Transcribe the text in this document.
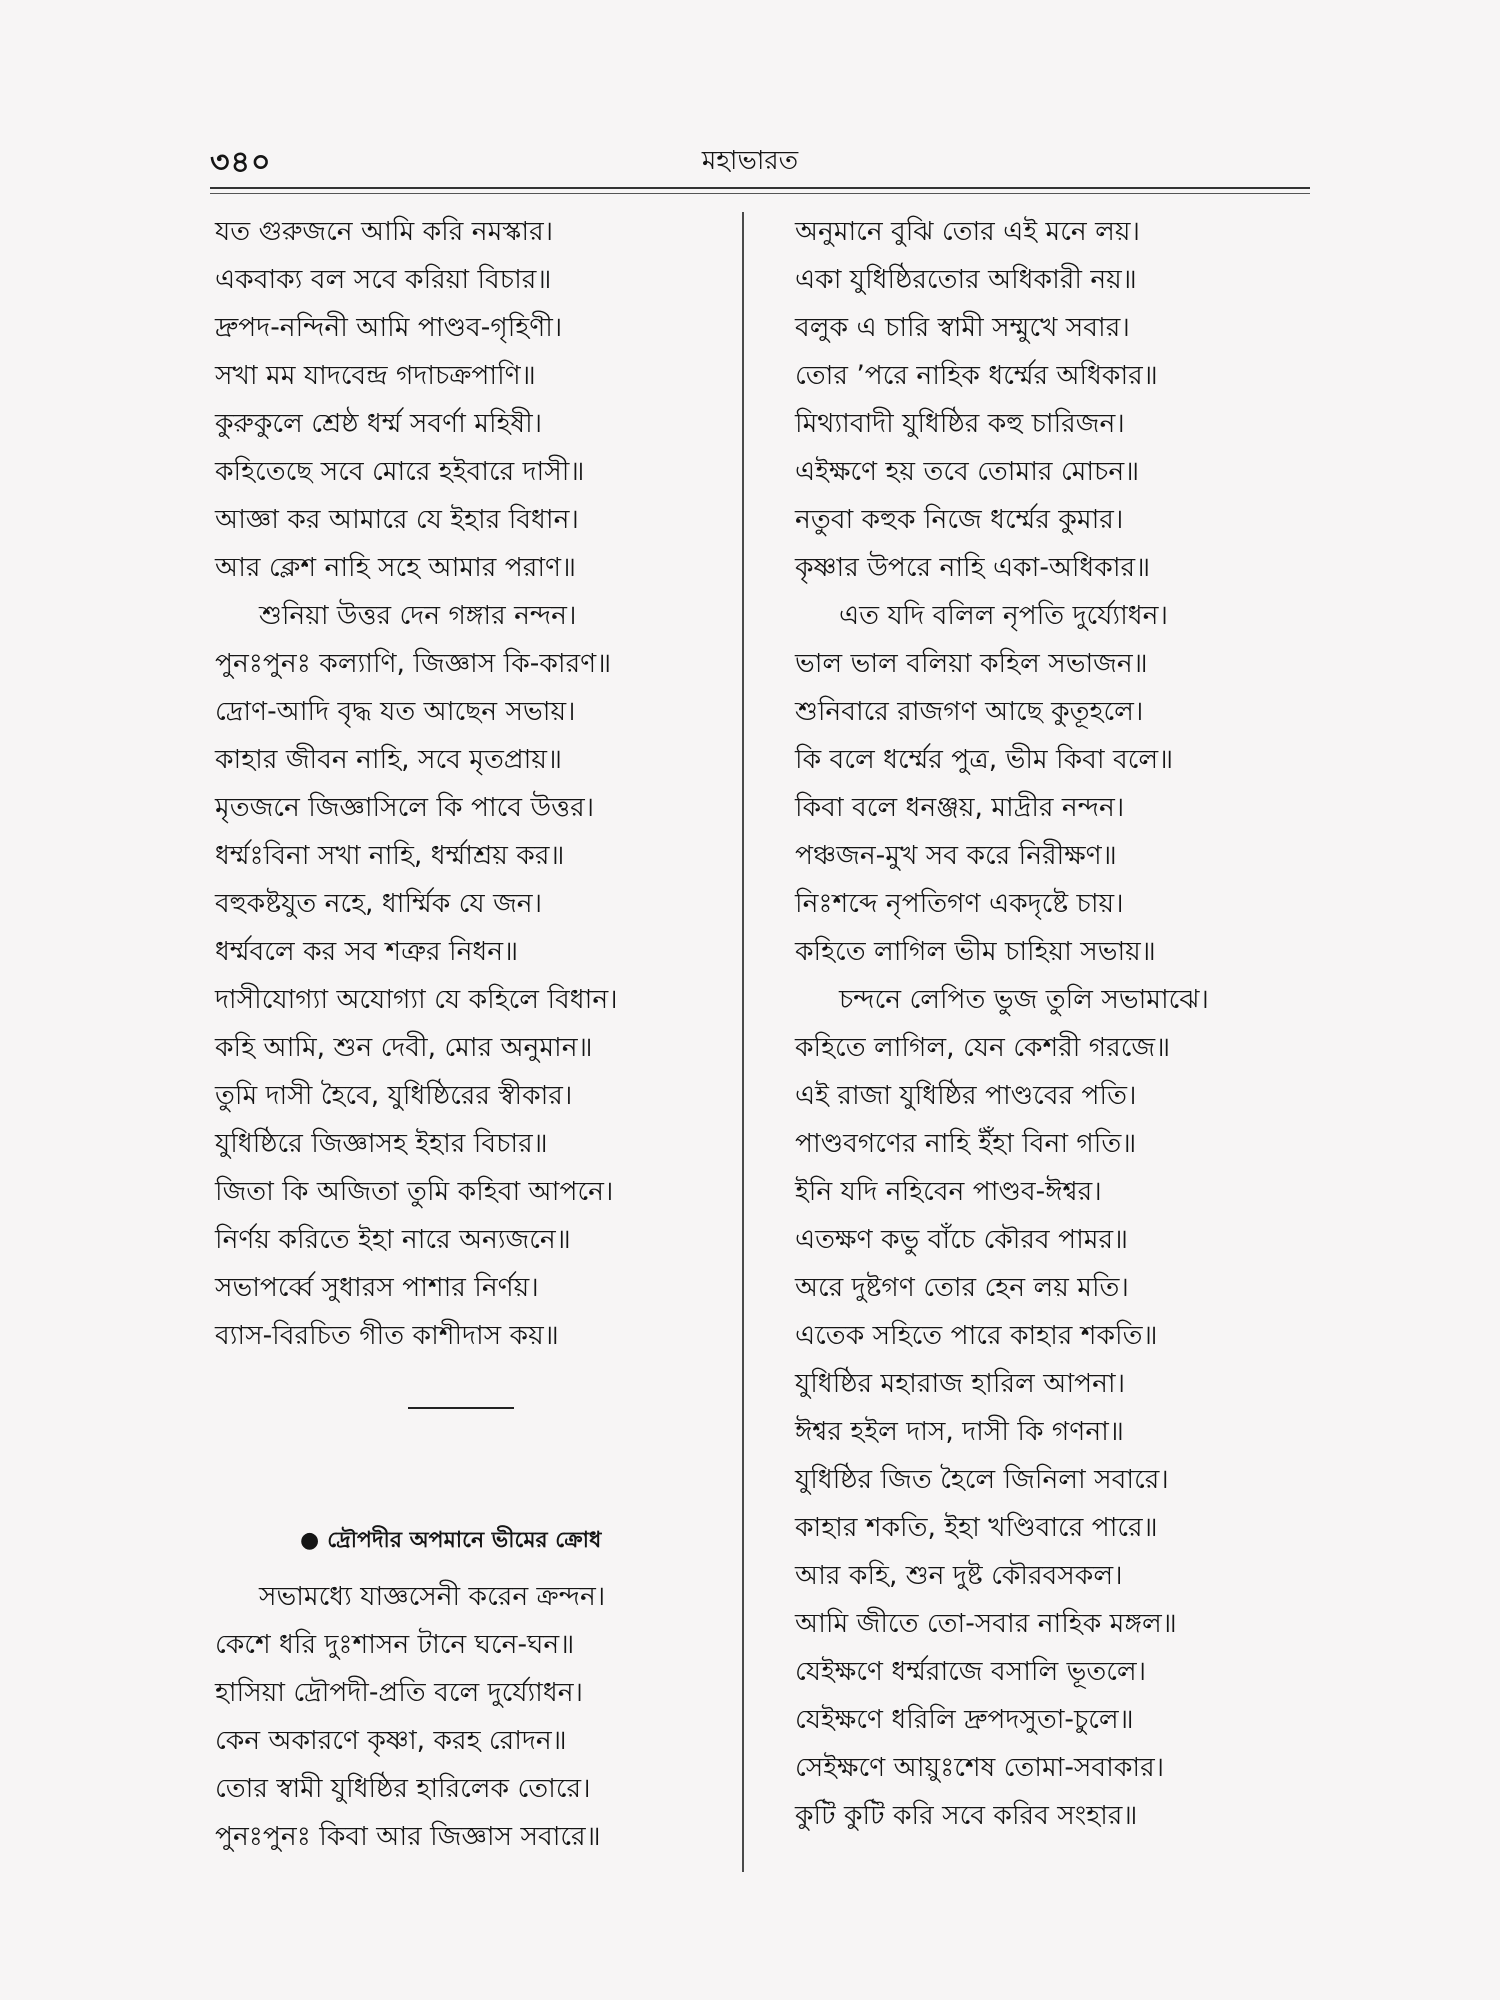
৩৪০	মহাভারত
যত গুরুজনে আমি করি নমস্কার।
একবাক্য বল সবে করিয়া বিচার॥
দ্রুপদ-নন্দিনী আমি পাণ্ডব-গৃহিণী।
সখা মম যাদবেন্দ্র গদাচক্রপাণি॥
কুরুকুলে শ্রেষ্ঠ ধর্ম্ম সবর্ণা মহিষী।
কহিতেছে সবে মোরে হইবারে দাসী॥
আজ্ঞা কর আমারে যে ইহার বিধান।
আর ক্লেশ নাহি সহে আমার পরাণ॥
শুনিয়া উত্তর দেন গঙ্গার নন্দন।
পুনঃপুনঃ কল্যাণি, জিজ্ঞাস কি-কারণ॥
দ্রোণ-আদি বৃদ্ধ যত আছেন সভায়।
কাহার জীবন নাহি, সবে মৃতপ্রায়॥
মৃতজনে জিজ্ঞাসিলে কি পাবে উত্তর।
ধর্ম্মঃবিনা সখা নাহি, ধর্ম্মাশ্রয় কর॥
বহুকষ্টযুত নহে, ধার্ম্মিক যে জন।
ধর্ম্মবলে কর সব শত্রুর নিধন॥
দাসীযোগ্যা অযোগ্যা যে কহিলে বিধান।
কহি আমি, শুন দেবী, মোর অনুমান॥
তুমি দাসী হৈবে, যুধিষ্ঠিরের স্বীকার।
যুধিষ্ঠিরে জিজ্ঞাসহ ইহার বিচার॥
জিতা কি অজিতা তুমি কহিবা আপনে।
নির্ণয় করিতে ইহা নারে অন্যজনে॥
সভাপর্ব্বে সুধারস পাশার নির্ণয়।
ব্যাস-বিরচিত গীত কাশীদাস কয়॥
● দ্রৌপদীর অপমানে ভীমের ক্রোধ
সভামধ্যে যাজ্ঞসেনী করেন ক্রন্দন।
কেশে ধরি দুঃশাসন টানে ঘনে-ঘন॥
হাসিয়া দ্রৌপদী-প্রতি বলে দুর্য্যোধন।
কেন অকারণে কৃষ্ণা, করহ রোদন॥
তোর স্বামী যুধিষ্ঠির হারিলেক তোরে।
পুনঃপুনঃ কিবা আর জিজ্ঞাস সবারে॥
অনুমানে বুঝি তোর এই মনে লয়।
একা যুধিষ্ঠিরতোর অধিকারী নয়॥
বলুক এ চারি স্বামী সম্মুখে সবার।
তোর ’পরে নাহিক ধর্ম্মের অধিকার॥
মিথ্যাবাদী যুধিষ্ঠির কহু চারিজন।
এইক্ষণে হয় তবে তোমার মোচন॥
নতুবা কহুক নিজে ধর্ম্মের কুমার।
কৃষ্ণার উপরে নাহি একা-অধিকার॥
এত যদি বলিল নৃপতি দুর্য্যোধন।
ভাল ভাল বলিয়া কহিল সভাজন॥
শুনিবারে রাজগণ আছে কুতূহলে।
কি বলে ধর্ম্মের পুত্র, ভীম কিবা বলে॥
কিবা বলে ধনঞ্জয়, মাদ্রীর নন্দন।
পঞ্চজন-মুখ সব করে নিরীক্ষণ॥
নিঃশব্দে নৃপতিগণ একদৃষ্টে চায়।
কহিতে লাগিল ভীম চাহিয়া সভায়॥
চন্দনে লেপিত ভুজ তুলি সভামাঝে।
কহিতে লাগিল, যেন কেশরী গরজে॥
এই রাজা যুধিষ্ঠির পাণ্ডবের পতি।
পাণ্ডবগণের নাহি ইঁহা বিনা গতি॥
ইনি যদি নহিবেন পাণ্ডব-ঈশ্বর।
এতক্ষণ কভু বাঁচে কৌরব পামর॥
অরে দুষ্টগণ তোর হেন লয় মতি।
এতেক সহিতে পারে কাহার শকতি॥
যুধিষ্ঠির মহারাজ হারিল আপনা।
ঈশ্বর হইল দাস, দাসী কি গণনা॥
যুধিষ্ঠির জিত হৈলে জিনিলা সবারে।
কাহার শকতি, ইহা খণ্ডিবারে পারে॥
আর কহি, শুন দুষ্ট কৌরবসকল।
আমি জীতে তো-সবার নাহিক মঙ্গল॥
যেইক্ষণে ধর্ম্মরাজে বসালি ভূতলে।
যেইক্ষণে ধরিলি দ্রুপদসুতা-চুলে॥
সেইক্ষণে আয়ুঃশেষ তোমা-সবাকার।
কুটি কুটি করি সবে করিব সংহার॥
